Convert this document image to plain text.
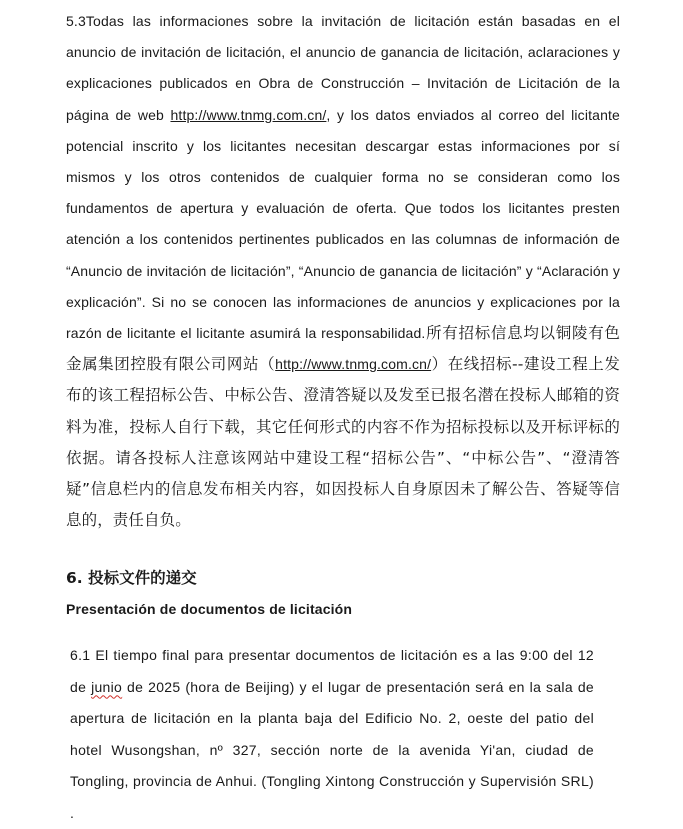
5.3Todas las informaciones sobre la invitación de licitación están basadas en el anuncio de invitación de licitación, el anuncio de ganancia de licitación, aclaraciones y explicaciones publicados en Obra de Construcción – Invitación de Licitación de la página de web http://www.tnmg.com.cn/, y los datos enviados al correo del licitante potencial inscrito y los licitantes necesitan descargar estas informaciones por sí mismos y los otros contenidos de cualquier forma no se consideran como los fundamentos de apertura y evaluación de oferta. Que todos los licitantes presten atención a los contenidos pertinentes publicados en las columnas de información de “Anuncio de invitación de licitación”, “Anuncio de ganancia de licitación” y “Aclaración y explicación”. Si no se conocen las informaciones de anuncios y explicaciones por la razón de licitante el licitante asumirá la responsabilidad.所有招标信息均以铜陵有色金属集团控股有限公司网站（http://www.tnmg.com.cn/）在线招标--建设工程上发布的该工程招标公告、中标公告、澄清答疑以及发至已报名潜在投标人邮箱的资料为准，投标人自行下载，其它任何形式的内容不作为招标投标以及开标评标的依据。请各投标人注意该网站中建设工程“招标公告”、“中标公告”、“澄清答疑”信息栏内的信息发布相关内容，如因投标人自身原因未了解公告、答疑等信息的，责任自负。

6. 投标文件的递交

Presentación de documentos de licitación

6.1 El tiempo final para presentar documentos de licitación es a las 9:00 del 12 de junio de 2025 (hora de Beijing) y el lugar de presentación será en la sala de apertura de licitación en la planta baja del Edificio No. 2, oeste del patio del hotel Wusongshan, nº 327, sección norte de la avenida Yi'an, ciudad de Tongling, provincia de Anhui. (Tongling Xintong Construcción y Supervisión SRL) .
